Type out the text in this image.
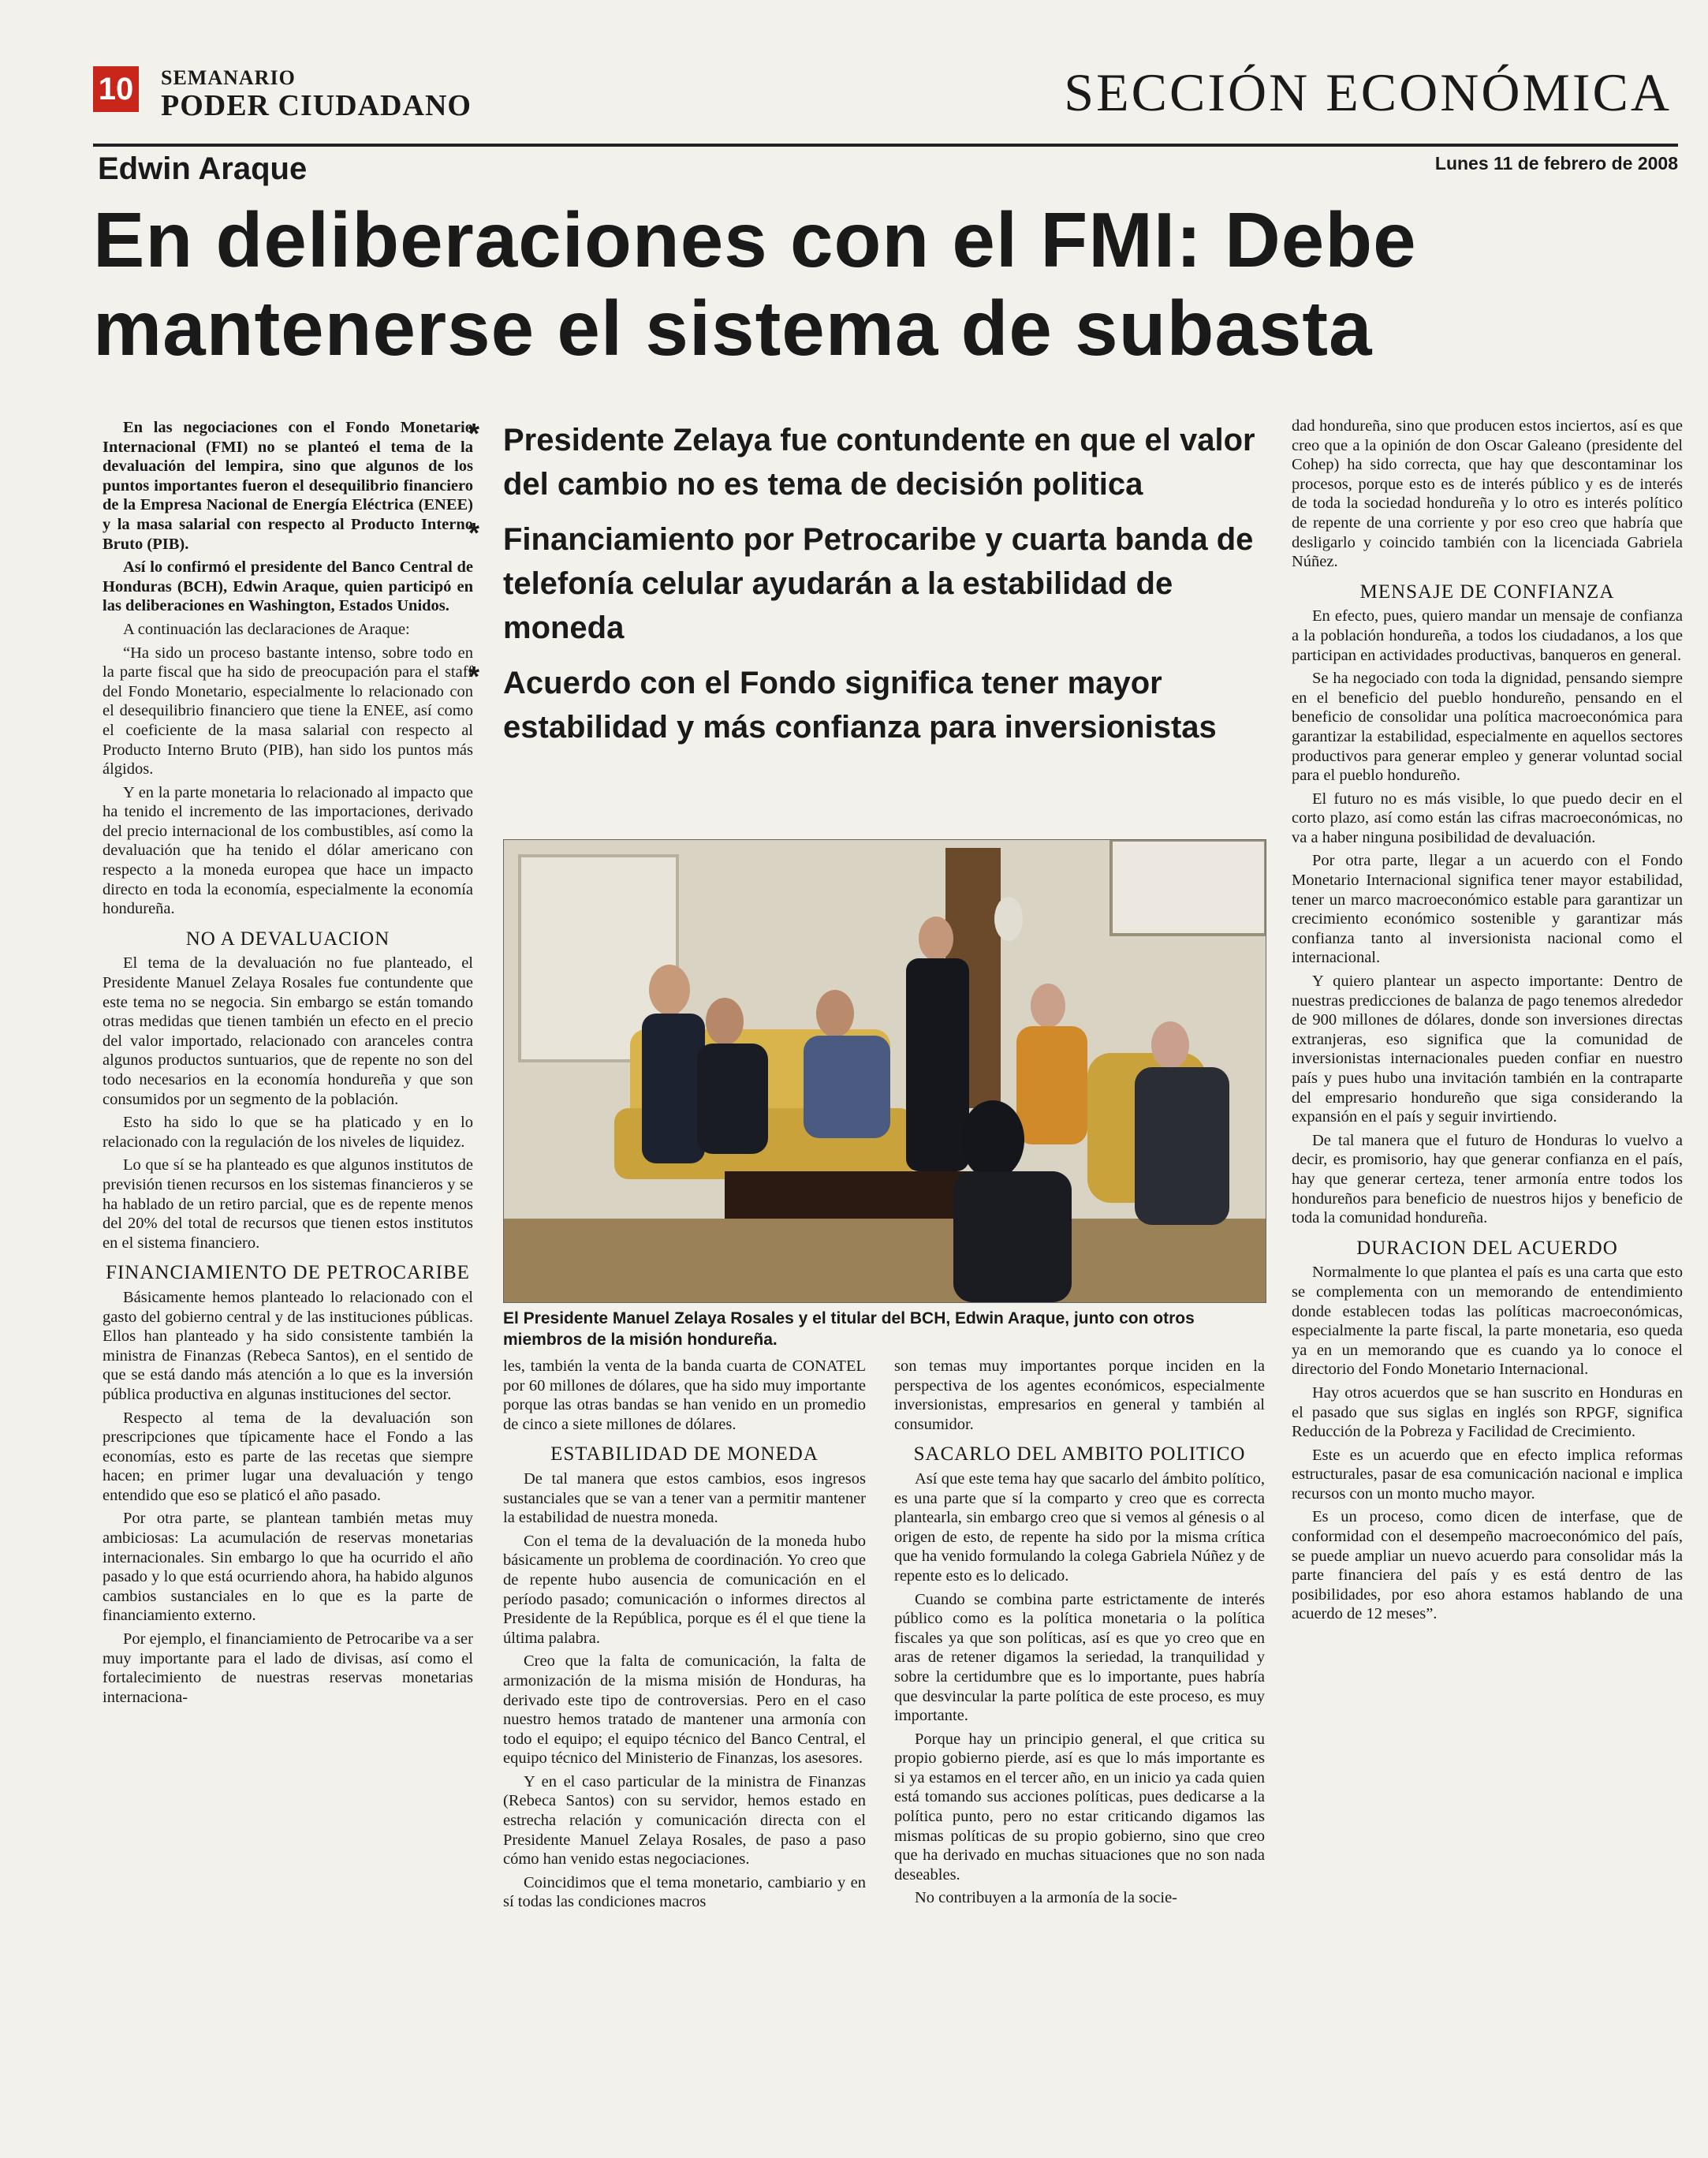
10 SEMANARIO
PODER CIUDADANO	SECCIÓN ECONÓMICA
Lunes 11 de febrero de 2008
Edwin Araque
En deliberaciones con el FMI: Debe mantenerse el sistema de subasta

En las negociaciones con el Fondo Monetario Internacional (FMI) no se planteó el tema de la devaluación del lempira, sino que algunos de los puntos importantes fueron el desequilibrio financiero de la Empresa Nacional de Energía Eléctrica (ENEE) y la masa salarial con respecto al Producto Interno Bruto (PIB).

Así lo confirmó el presidente del Banco Central de Honduras (BCH), Edwin Araque, quien participó en las deliberaciones en Washington, Estados Unidos.

A continuación las declaraciones de Araque:

“Ha sido un proceso bastante intenso, sobre todo en la parte fiscal que ha sido de preocupación para el staff del Fondo Monetario, especialmente lo relacionado con el desequilibrio financiero que tiene la ENEE, así como el coeficiente de la masa salarial con respecto al Producto Interno Bruto (PIB), han sido los puntos más álgidos.

Y en la parte monetaria lo relacionado al impacto que ha tenido el incremento de las importaciones, derivado del precio internacional de los combustibles, así como la devaluación que ha tenido el dólar americano con respecto a la moneda europea que hace un impacto directo en toda la economía, especialmente la economía hondureña.

NO A DEVALUACION

El tema de la devaluación no fue planteado, el Presidente Manuel Zelaya Rosales fue contundente que este tema no se negocia. Sin embargo se están tomando otras medidas que tienen también un efecto en el precio del valor importado, relacionado con aranceles contra algunos productos suntuarios, que de repente no son del todo necesarios en la economía hondureña y que son consumidos por un segmento de la población.

Esto ha sido lo que se ha platicado y en lo relacionado con la regulación de los niveles de liquidez.

Lo que sí se ha planteado es que algunos institutos de previsión tienen recursos en los sistemas financieros y se ha hablado de un retiro parcial, que es de repente menos del 20% del total de recursos que tienen estos institutos en el sistema financiero.

FINANCIAMIENTO DE PETROCARIBE

Básicamente hemos planteado lo relacionado con el gasto del gobierno central y de las instituciones públicas. Ellos han planteado y ha sido consistente también la ministra de Finanzas (Rebeca Santos), en el sentido de que se está dando más atención a lo que es la inversión pública productiva en algunas instituciones del sector.

Respecto al tema de la devaluación son prescripciones que típicamente hace el Fondo a las economías, esto es parte de las recetas que siempre hacen; en primer lugar una devaluación y tengo entendido que eso se platicó el año pasado.

Por otra parte, se plantean también metas muy ambiciosas: La acumulación de reservas monetarias internacionales. Sin embargo lo que ha ocurrido el año pasado y lo que está ocurriendo ahora, ha habido algunos cambios sustanciales en lo que es la parte de financiamiento externo.

Por ejemplo, el financiamiento de Petrocaribe va a ser muy importante para el lado de divisas, así como el fortalecimiento de nuestras reservas monetarias internaciona-

* Presidente Zelaya fue contundente en que el valor del cambio no es tema de decisión politica
* Financiamiento por Petrocaribe y cuarta banda de telefonía celular ayudarán a la estabilidad de moneda
* Acuerdo con el Fondo significa tener mayor estabilidad y más confianza para inversionistas
El Presidente Manuel Zelaya Rosales y el titular del BCH, Edwin Araque, junto con otros miembros de la misión hondureña.

les, también la venta de la banda cuarta de CONATEL por 60 millones de dólares, que ha sido muy importante porque las otras bandas se han venido en un promedio de cinco a siete millones de dólares.

ESTABILIDAD DE MONEDA

De tal manera que estos cambios, esos ingresos sustanciales que se van a tener van a permitir mantener la estabilidad de nuestra moneda.

Con el tema de la devaluación de la moneda hubo básicamente un problema de coordinación. Yo creo que de repente hubo ausencia de comunicación en el período pasado; comunicación o informes directos al Presidente de la República, porque es él el que tiene la última palabra.

Creo que la falta de comunicación, la falta de armonización de la misma misión de Honduras, ha derivado este tipo de controversias. Pero en el caso nuestro hemos tratado de mantener una armonía con todo el equipo; el equipo técnico del Banco Central, el equipo técnico del Ministerio de Finanzas, los asesores.

Y en el caso particular de la ministra de Finanzas (Rebeca Santos) con su servidor, hemos estado en estrecha relación y comunicación directa con el Presidente Manuel Zelaya Rosales, de paso a paso cómo han venido estas negociaciones.

Coincidimos que el tema monetario, cambiario y en sí todas las condiciones macros

son temas muy importantes porque inciden en la perspectiva de los agentes económicos, especialmente inversionistas, empresarios en general y también al consumidor.

SACARLO DEL AMBITO POLITICO

Así que este tema hay que sacarlo del ámbito político, es una parte que sí la comparto y creo que es correcta plantearla, sin embargo creo que si vemos al génesis o al origen de esto, de repente ha sido por la misma crítica que ha venido formulando la colega Gabriela Núñez y de repente esto es lo delicado.

Cuando se combina parte estrictamente de interés público como es la política monetaria o la política fiscales ya que son políticas, así es que yo creo que en aras de retener digamos la seriedad, la tranquilidad y sobre la certidumbre que es lo importante, pues habría que desvincular la parte política de este proceso, es muy importante.

Porque hay un principio general, el que critica su propio gobierno pierde, así es que lo más importante es si ya estamos en el tercer año, en un inicio ya cada quien está tomando sus acciones políticas, pues dedicarse a la política punto, pero no estar criticando digamos las mismas políticas de su propio gobierno, sino que creo que ha derivado en muchas situaciones que no son nada deseables.

No contribuyen a la armonía de la socie-

dad hondureña, sino que producen estos inciertos, así es que creo que a la opinión de don Oscar Galeano (presidente del Cohep) ha sido correcta, que hay que descontaminar los procesos, porque esto es de interés público y es de interés de toda la sociedad hondureña y lo otro es interés político de repente de una corriente y por eso creo que habría que desligarlo y coincido también con la licenciada Gabriela Núñez.

MENSAJE DE CONFIANZA

En efecto, pues, quiero mandar un mensaje de confianza a la población hondureña, a todos los ciudadanos, a los que participan en actividades productivas, banqueros en general.

Se ha negociado con toda la dignidad, pensando siempre en el beneficio del pueblo hondureño, pensando en el beneficio de consolidar una política macroeconómica para garantizar la estabilidad, especialmente en aquellos sectores productivos para generar empleo y generar voluntad social para el pueblo hondureño.

El futuro no es más visible, lo que puedo decir en el corto plazo, así como están las cifras macroeconómicas, no va a haber ninguna posibilidad de devaluación.

Por otra parte, llegar a un acuerdo con el Fondo Monetario Internacional significa tener mayor estabilidad, tener un marco macroeconómico estable para garantizar un crecimiento económico sostenible y garantizar más confianza tanto al inversionista nacional como el internacional.

Y quiero plantear un aspecto importante: Dentro de nuestras predicciones de balanza de pago tenemos alrededor de 900 millones de dólares, donde son inversiones directas extranjeras, eso significa que la comunidad de inversionistas internacionales pueden confiar en nuestro país y pues hubo una invitación también en la contraparte del empresario hondureño que siga considerando la expansión en el país y seguir invirtiendo.

De tal manera que el futuro de Honduras lo vuelvo a decir, es promisorio, hay que generar confianza en el país, hay que generar certeza, tener armonía entre todos los hondureños para beneficio de nuestros hijos y beneficio de toda la comunidad hondureña.

DURACION DEL ACUERDO

Normalmente lo que plantea el país es una carta que esto se complementa con un memorando de entendimiento donde establecen todas las políticas macroeconómicas, especialmente la parte fiscal, la parte monetaria, eso queda ya en un memorando que es cuando ya lo conoce el directorio del Fondo Monetario Internacional.

Hay otros acuerdos que se han suscrito en Honduras en el pasado que sus siglas en inglés son RPGF, significa Reducción de la Pobreza y Facilidad de Crecimiento.

Este es un acuerdo que en efecto implica reformas estructurales, pasar de esa comunicación nacional e implica recursos con un monto mucho mayor.

Es un proceso, como dicen de interfase, que de conformidad con el desempeño macroeconómico del país, se puede ampliar un nuevo acuerdo para consolidar más la parte financiera del país y es está dentro de las posibilidades, por eso ahora estamos hablando de una acuerdo de 12 meses”.
